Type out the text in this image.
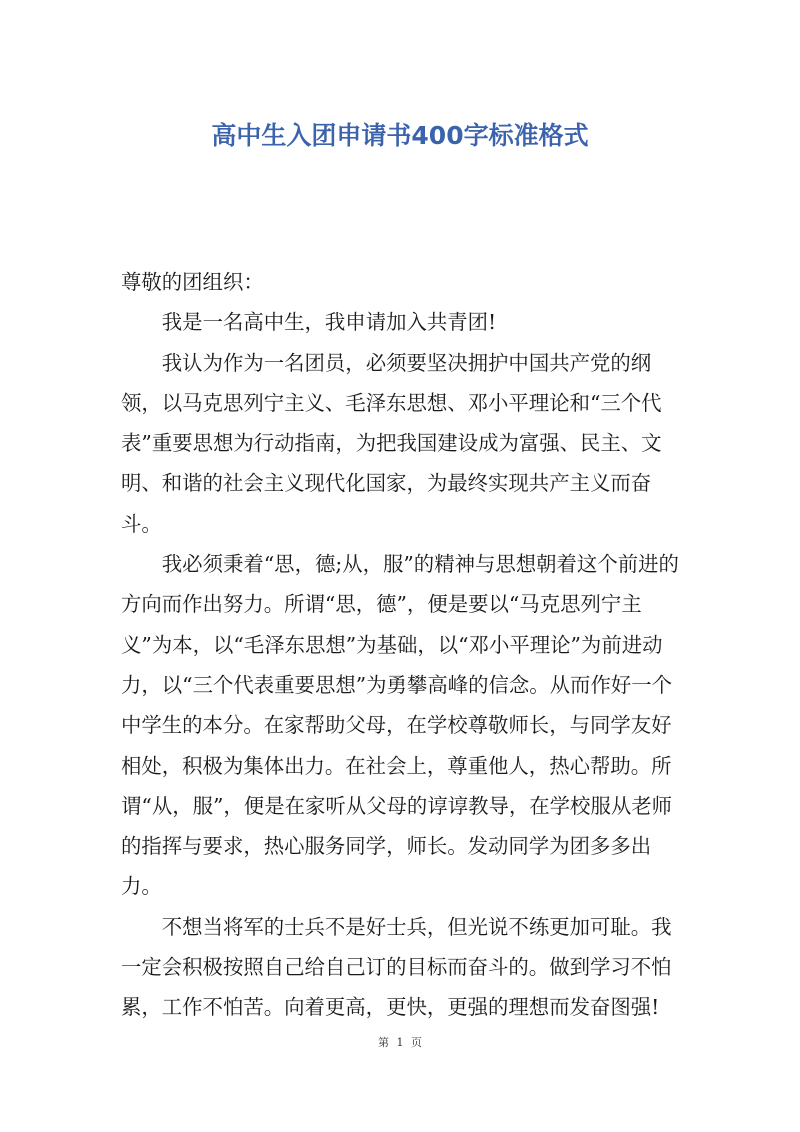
高中生入团申请书400字标准格式

尊敬的团组织：

我是一名高中生，我申请加入共青团!

我认为作为一名团员，必须要坚决拥护中国共产党的纲领，以马克思列宁主义、毛泽东思想、邓小平理论和“三个代表”重要思想为行动指南，为把我国建设成为富强、民主、文明、和谐的社会主义现代化国家，为最终实现共产主义而奋斗。

我必须秉着“思，德;从，服”的精神与思想朝着这个前进的方向而作出努力。所谓“思，德”，便是要以“马克思列宁主义”为本，以“毛泽东思想”为基础，以“邓小平理论”为前进动力，以“三个代表重要思想”为勇攀高峰的信念。从而作好一个中学生的本分。在家帮助父母，在学校尊敬师长，与同学友好相处，积极为集体出力。在社会上，尊重他人，热心帮助。所谓“从，服”，便是在家听从父母的谆谆教导，在学校服从老师的指挥与要求，热心服务同学，师长。发动同学为团多多出力。

不想当将军的士兵不是好士兵，但光说不练更加可耻。我一定会积极按照自己给自己订的目标而奋斗的。做到学习不怕累，工作不怕苦。向着更高，更快，更强的理想而发奋图强!

第 1 页
